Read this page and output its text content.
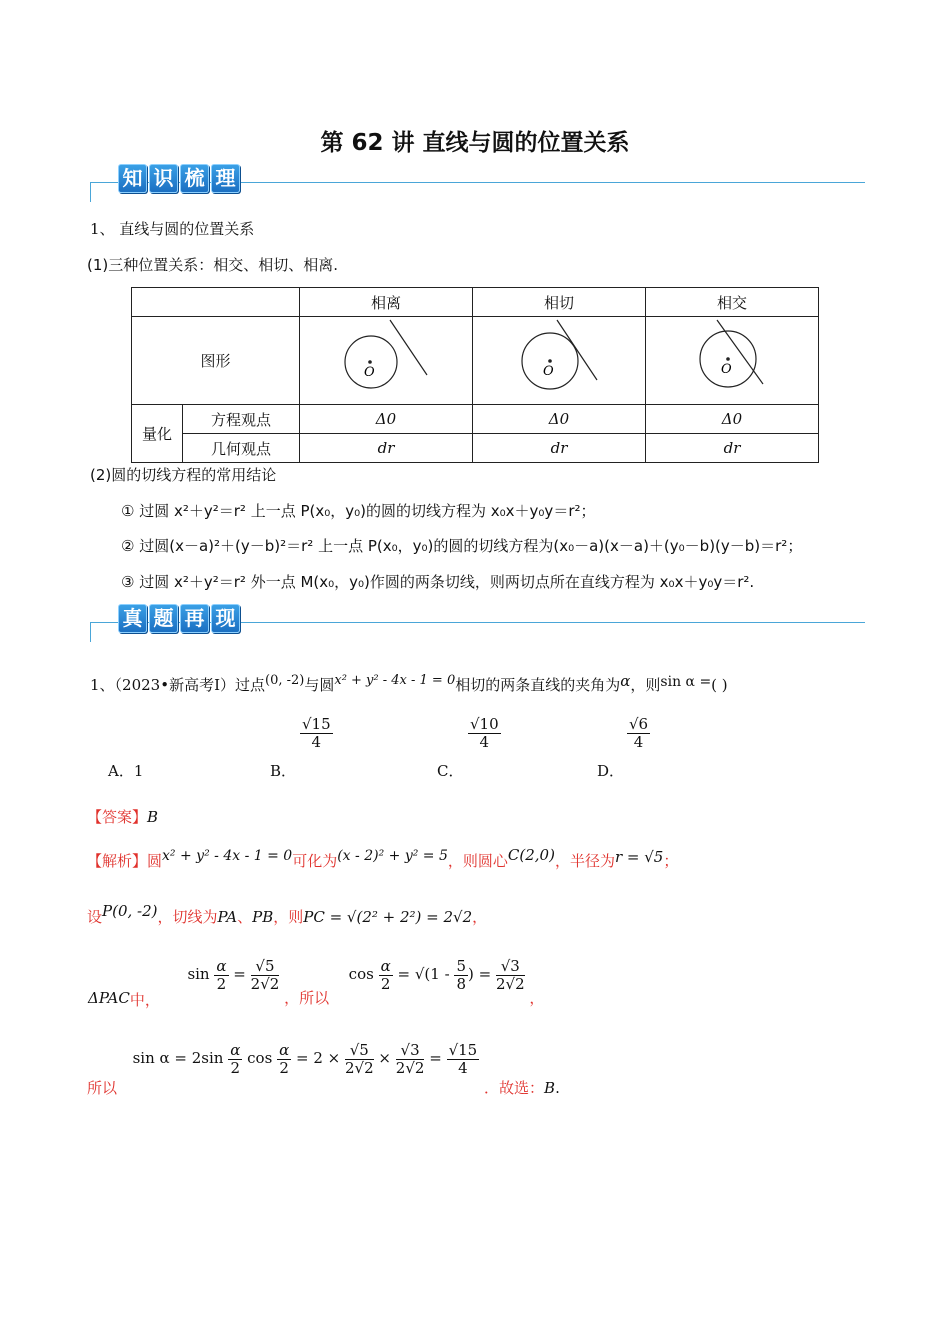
第 62 讲 直线与圆的位置关系
知 识 梳 理
1、 直线与圆的位置关系
(1)三种位置关系：相交、相切、相离.
		相离	相切	相交
图形		O	O	O

量化	方程观点	Δ0	Δ0	Δ0
	几何观点	dr	dr	dr
(2)圆的切线方程的常用结论
① 过圆 x²＋y²＝r² 上一点 P(x₀，y₀)的圆的切线方程为 x₀x＋y₀y＝r²；
② 过圆(x－a)²＋(y－b)²＝r² 上一点 P(x₀，y₀)的圆的切线方程为(x₀－a)(x－a)＋(y₀－b)(y－b)＝r²；
③ 过圆 x²＋y²＝r² 外一点 M(x₀，y₀)作圆的两条切线，则两切点所在直线方程为 x₀x＋y₀y＝r².
真 题 再 现
1、（2023•新高考Ⅰ）过点(0, -2)与圆x² + y² - 4x - 1 = 0相切的两条直线的夹角为α，则sin α =( )
A．1	B．
$\frac{√15}{4}$
C．
$\frac{√10}{4}$
D．
$\frac{√6}{4}$
【答案】B
【解析】圆x² + y² - 4x - 1 = 0可化为(x - 2)² + y² = 5，则圆心C(2,0)，半径为r = √5；
设P(0, -2)，切线为PA、PB，则PC = √(2² + 2²) = 2√2，
ΔPAC中，  $\sin \frac{\alpha}{2} = \frac{√5}{2√2}$
，所以  $\cos \frac{\alpha}{2} = √(1 - \frac{5}{8}$ ) = $\frac{√3}{2√2}$
，
所以  $\sin \alpha = 2\sin \frac{\alpha}{2}$ $\cos \frac{\alpha}{2} = 2 \times \frac{√5}{2√2} \times \frac{√3}{2√2} = \frac{√15}{4}$
．故选：B.
